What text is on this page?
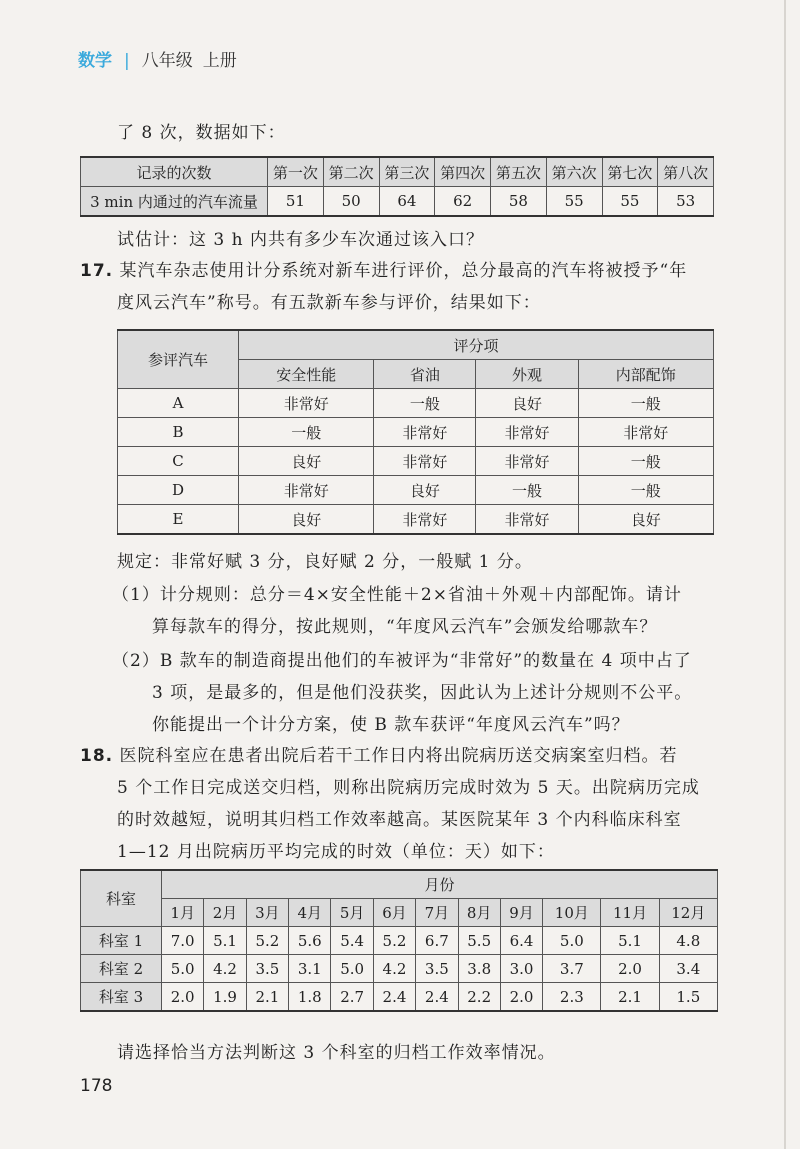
数学 | 八年级 上册
了 8 次，数据如下：
记录的次数	第一次	第二次	第三次	第四次	第五次	第六次	第七次	第八次
3 min 内通过的汽车流量	51	50	64	62	58	55	55	53
试估计：这 3 h 内共有多少车次通过该入口？
17. 某汽车杂志使用计分系统对新车进行评价，总分最高的汽车将被授予“年
度风云汽车”称号。有五款新车参与评价，结果如下：
参评汽车	评分项			
	安全性能	省油	外观	内部配饰
A	非常好	一般	良好	一般
B	一般	非常好	非常好	非常好
C	良好	非常好	非常好	一般
D	非常好	良好	一般	一般
E	良好	非常好	非常好	良好
规定：非常好赋 3 分，良好赋 2 分，一般赋 1 分。
（1）计分规则：总分＝4×安全性能＋2×省油＋外观＋内部配饰。请计
算每款车的得分，按此规则，“年度风云汽车”会颁发给哪款车？
（2）B 款车的制造商提出他们的车被评为“非常好”的数量在 4 项中占了
3 项，是最多的，但是他们没获奖，因此认为上述计分规则不公平。
你能提出一个计分方案，使 B 款车获评“年度风云汽车”吗？
18. 医院科室应在患者出院后若干工作日内将出院病历送交病案室归档。若
5 个工作日完成送交归档，则称出院病历完成时效为 5 天。出院病历完成
的时效越短，说明其归档工作效率越高。某医院某年 3 个内科临床科室
1—12 月出院病历平均完成的时效（单位：天）如下：
科室	月份											
	1月	2月	3月	4月	5月	6月	7月	8月	9月	10月	11月	12月
科室 1	7.0	5.1	5.2	5.6	5.4	5.2	6.7	5.5	6.4	5.0	5.1	4.8
科室 2	5.0	4.2	3.5	3.1	5.0	4.2	3.5	3.8	3.0	3.7	2.0	3.4
科室 3	2.0	1.9	2.1	1.8	2.7	2.4	2.4	2.2	2.0	2.3	2.1	1.5
请选择恰当方法判断这 3 个科室的归档工作效率情况。
178
